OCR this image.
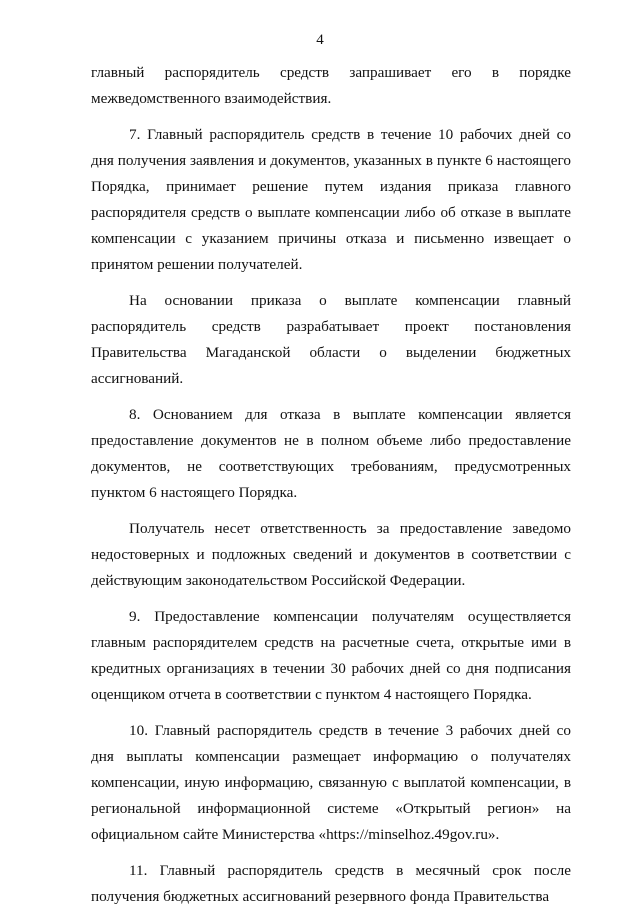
4

главный распорядитель средств запрашивает его в порядке межведомственного взаимодействия.

7. Главный распорядитель средств в течение 10 рабочих дней со дня получения заявления и документов, указанных в пункте 6 настоящего Порядка, принимает решение путем издания приказа главного распорядителя средств о выплате компенсации либо об отказе в выплате компенсации с указанием причины отказа и письменно извещает о принятом решении получателей.

На основании приказа о выплате компенсации главный распорядитель средств разрабатывает проект постановления Правительства Магаданской области о выделении бюджетных ассигнований.

8. Основанием для отказа в выплате компенсации является предоставление документов не в полном объеме либо предоставление документов, не соответствующих требованиям, предусмотренных пунктом 6 настоящего Порядка.

Получатель несет ответственность за предоставление заведомо недостоверных и подложных сведений и документов в соответствии с действующим законодательством Российской Федерации.

9. Предоставление компенсации получателям осуществляется главным распорядителем средств на расчетные счета, открытые ими в кредитных организациях в течении 30 рабочих дней со дня подписания оценщиком отчета в соответствии с пунктом 4 настоящего Порядка.

10. Главный распорядитель средств в течение 3 рабочих дней со дня выплаты компенсации размещает информацию о получателях компенсации, иную информацию, связанную с выплатой компенсации, в региональной информационной системе «Открытый регион» на официальном сайте Министерства «https://minselhoz.49gov.ru».

11. Главный распорядитель средств в месячный срок после получения бюджетных ассигнований резервного фонда Правительства
